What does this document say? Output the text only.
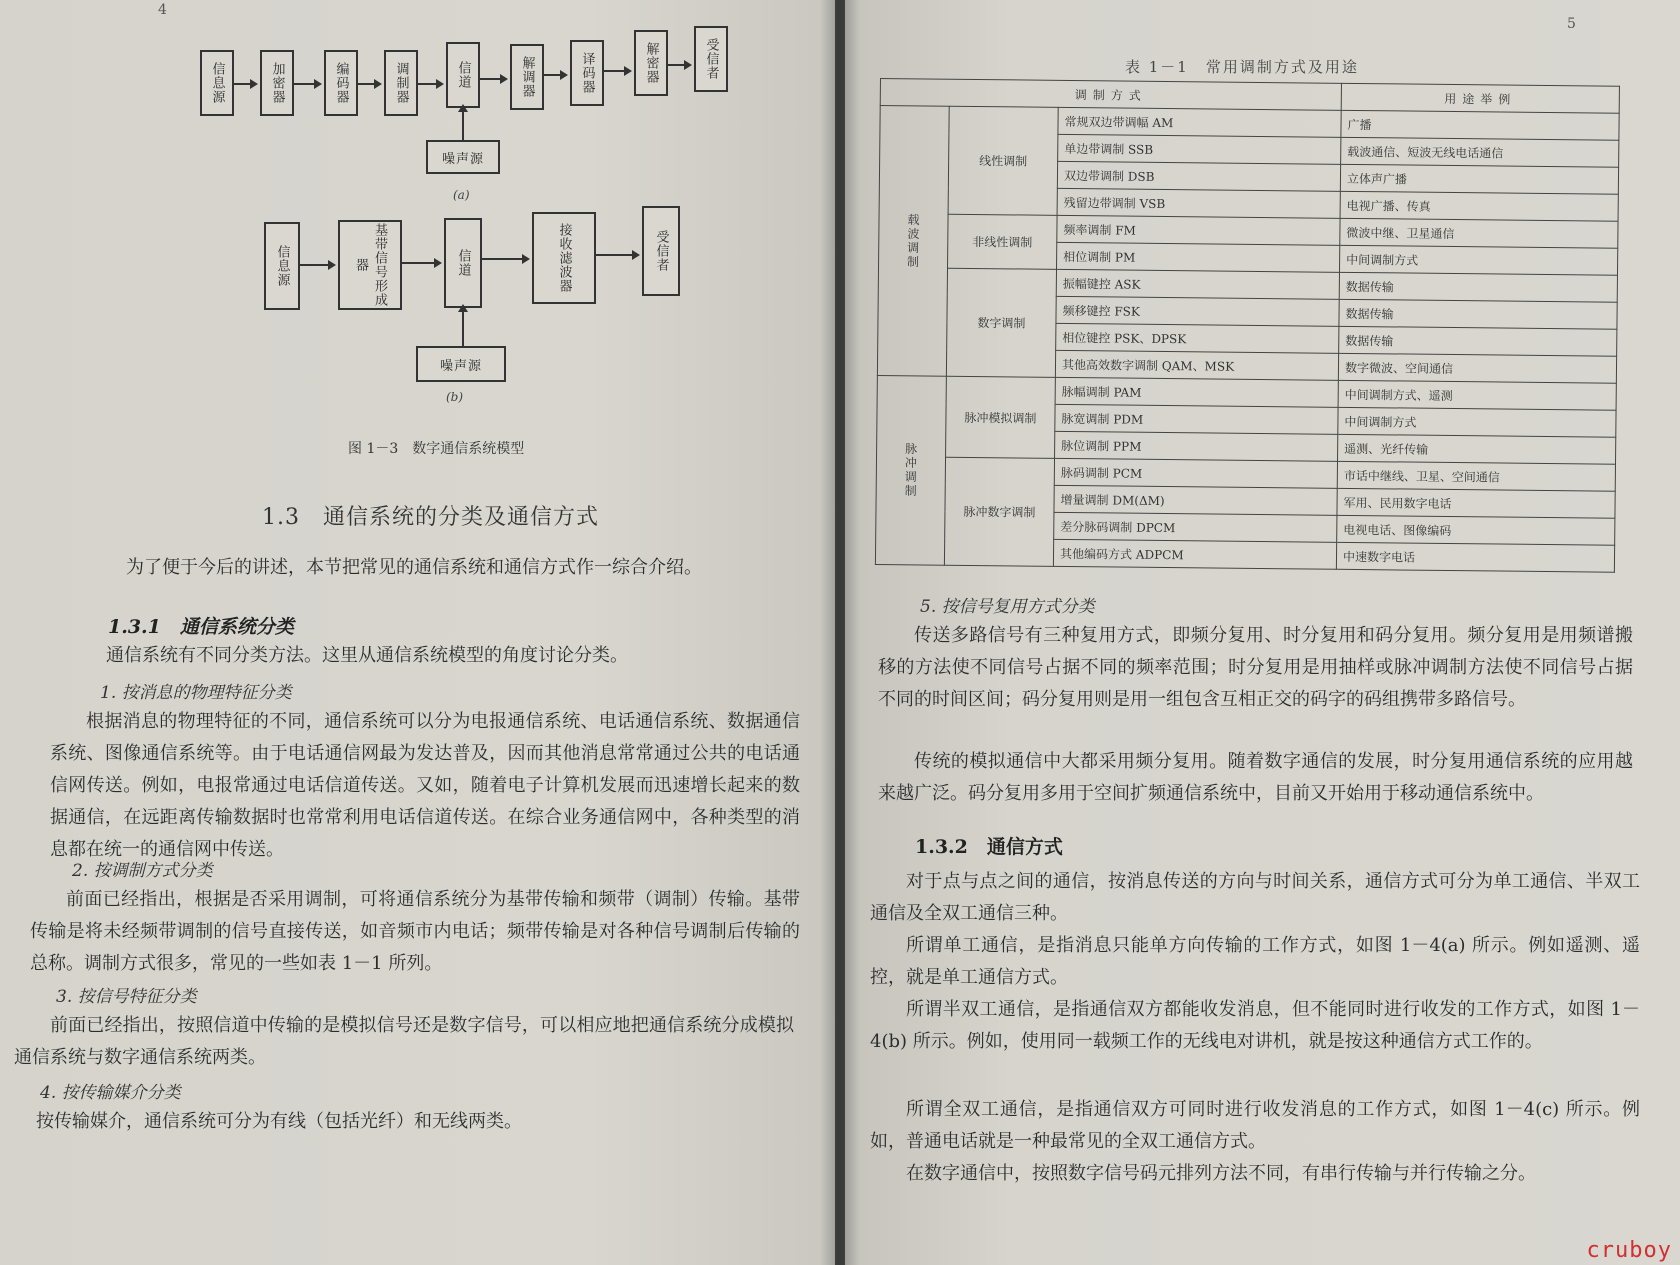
4
信息源	加密器	编码器	调制器	信道	解调器	译码器	解密器	受信者
噪声源
(a)
信息源	基带信号形成器	信道	接收滤波器	受信者
噪声源
(b)
图 1－3　数字通信系统模型
1.3　通信系统的分类及通信方式
为了便于今后的讲述，本节把常见的通信系统和通信方式作一综合介绍。
1.3.1　通信系统分类
通信系统有不同分类方法。这里从通信系统模型的角度讨论分类。
1. 按消息的物理特征分类
根据消息的物理特征的不同，通信系统可以分为电报通信系统、电话通信系统、数据通信系统、图像通信系统等。由于电话通信网最为发达普及，因而其他消息常常通过公共的电话通信网传送。例如，电报常通过电话信道传送。又如，随着电子计算机发展而迅速增长起来的数据通信，在远距离传输数据时也常常利用电话信道传送。在综合业务通信网中，各种类型的消息都在统一的通信网中传送。
2. 按调制方式分类
前面已经指出，根据是否采用调制，可将通信系统分为基带传输和频带（调制）传输。基带传输是将未经频带调制的信号直接传送，如音频市内电话；频带传输是对各种信号调制后传输的总称。调制方式很多，常见的一些如表 1－1 所列。
3. 按信号特征分类
前面已经指出，按照信道中传输的是模拟信号还是数字信号，可以相应地把通信系统分成模拟通信系统与数字通信系统两类。
4. 按传输媒介分类
按传输媒介，通信系统可分为有线（包括光纤）和无线两类。
5
表 1－1　常用调制方式及用途
调制方式			用途举例
载波调制	线性调制	常规双边带调幅 AM	广播
		单边带调制 SSB	载波通信、短波无线电话通信
		双边带调制 DSB	立体声广播
		残留边带调制 VSB	电视广播、传真
	非线性调制	频率调制 FM	微波中继、卫星通信
		相位调制 PM	中间调制方式
	数字调制	振幅键控 ASK	数据传输
		频移键控 FSK	数据传输
		相位键控 PSK、DPSK	数据传输
		其他高效数字调制 QAM、MSK	数字微波、空间通信
脉冲调制	脉冲模拟调制	脉幅调制 PAM	中间调制方式、遥测
		脉宽调制 PDM	中间调制方式
		脉位调制 PPM	遥测、光纤传输
	脉冲数字调制	脉码调制 PCM	市话中继线、卫星、空间通信
		增量调制 DM(ΔM)	军用、民用数字电话
		差分脉码调制 DPCM	电视电话、图像编码
		其他编码方式 ADPCM	中速数字电话
5. 按信号复用方式分类
传送多路信号有三种复用方式，即频分复用、时分复用和码分复用。频分复用是用频谱搬移的方法使不同信号占据不同的频率范围；时分复用是用抽样或脉冲调制方法使不同信号占据不同的时间区间；码分复用则是用一组包含互相正交的码字的码组携带多路信号。
传统的模拟通信中大都采用频分复用。随着数字通信的发展，时分复用通信系统的应用越来越广泛。码分复用多用于空间扩频通信系统中，目前又开始用于移动通信系统中。
1.3.2　通信方式
对于点与点之间的通信，按消息传送的方向与时间关系，通信方式可分为单工通信、半双工通信及全双工通信三种。
所谓单工通信，是指消息只能单方向传输的工作方式，如图 1－4(a) 所示。例如遥测、遥控，就是单工通信方式。
所谓半双工通信，是指通信双方都能收发消息，但不能同时进行收发的工作方式，如图 1－4(b) 所示。例如，使用同一载频工作的无线电对讲机，就是按这种通信方式工作的。
所谓全双工通信，是指通信双方可同时进行收发消息的工作方式，如图 1－4(c) 所示。例如，普通电话就是一种最常见的全双工通信方式。
在数字通信中，按照数字信号码元排列方法不同，有串行传输与并行传输之分。
cruboy
